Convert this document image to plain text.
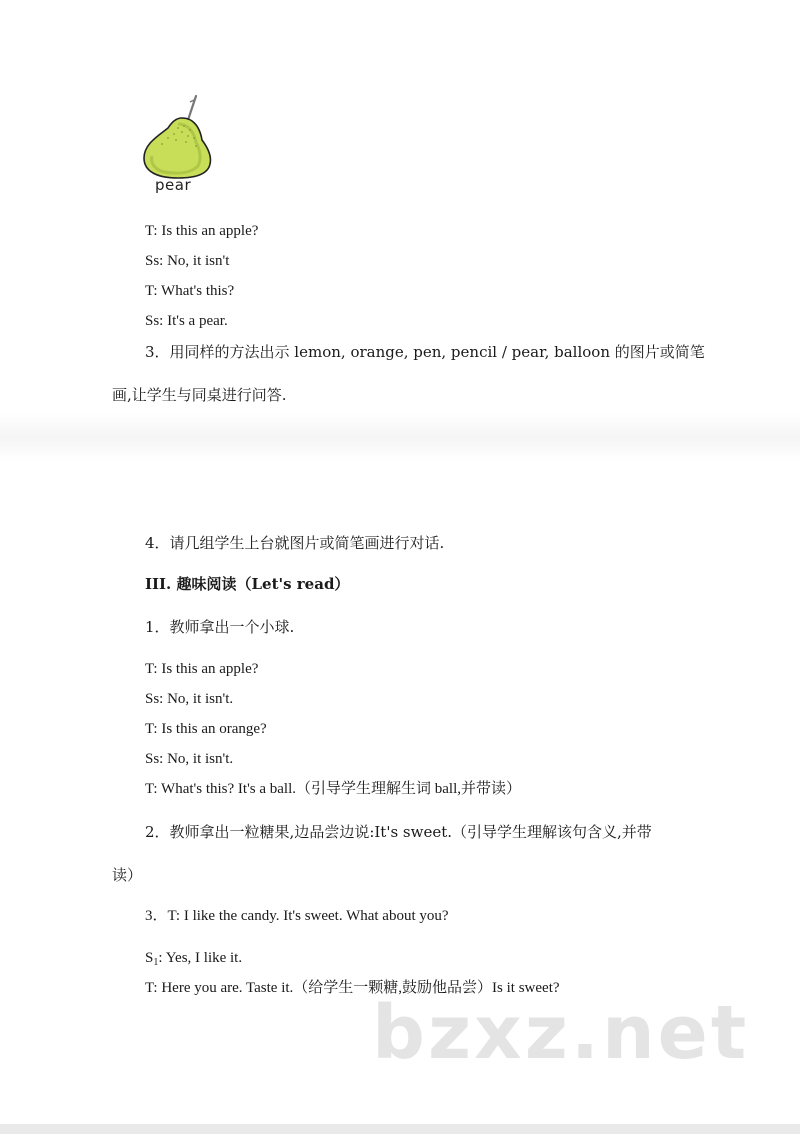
pear
T: Is this an apple?
Ss: No, it isn't
T: What's this?
Ss: It's a pear.
3．用同样的方法出示 lemon, orange, pen, pencil / pear, balloon 的图片或简笔
画,让学生与同桌进行问答.
4．请几组学生上台就图片或简笔画进行对话.
III. 趣味阅读（Let's read）
1．教师拿出一个小球.
T: Is this an apple?
Ss: No, it isn't.
T: Is this an orange?
Ss: No, it isn't.
T: What's this? It's a ball.（引导学生理解生词 ball,并带读）
2．教师拿出一粒糖果,边品尝边说:It's sweet.（引导学生理解该句含义,并带
读）
3．T: I like the candy. It's sweet. What about you?
$S_1$: Yes, I like it.
T: Here you are. Taste it.（给学生一颗糖,鼓励他品尝）Is it sweet?
bzxz.net
